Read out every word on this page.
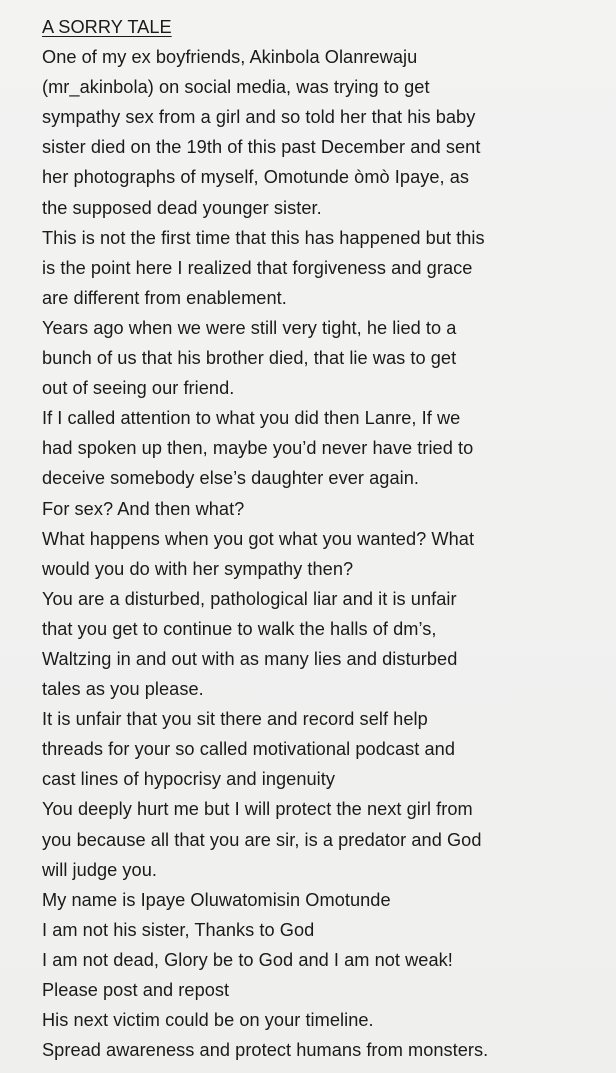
A SORRY TALE
One of my ex boyfriends, Akinbola Olanrewaju
(mr_akinbola) on social media, was trying to get
sympathy sex from a girl and so told her that his baby
sister died on the 19th of this past December and sent
her photographs of myself, Omotunde òmò Ipaye, as
the supposed dead younger sister.
This is not the first time that this has happened but this
is the point here I realized that forgiveness and grace
are different from enablement.
Years ago when we were still very tight, he lied to a
bunch of us that his brother died, that lie was to get
out of seeing our friend.
If I called attention to what you did then Lanre, If we
had spoken up then, maybe you’d never have tried to
deceive somebody else’s daughter ever again.
For sex? And then what?
What happens when you got what you wanted? What
would you do with her sympathy then?
You are a disturbed, pathological liar and it is unfair
that you get to continue to walk the halls of dm’s,
Waltzing in and out with as many lies and disturbed
tales as you please.
It is unfair that you sit there and record self help
threads for your so called motivational podcast and
cast lines of hypocrisy and ingenuity
You deeply hurt me but I will protect the next girl from
you because all that you are sir, is a predator and God
will judge you.
My name is Ipaye Oluwatomisin Omotunde
I am not his sister, Thanks to God
I am not dead, Glory be to God and I am not weak!
Please post and repost
His next victim could be on your timeline.
Spread awareness and protect humans from monsters.
